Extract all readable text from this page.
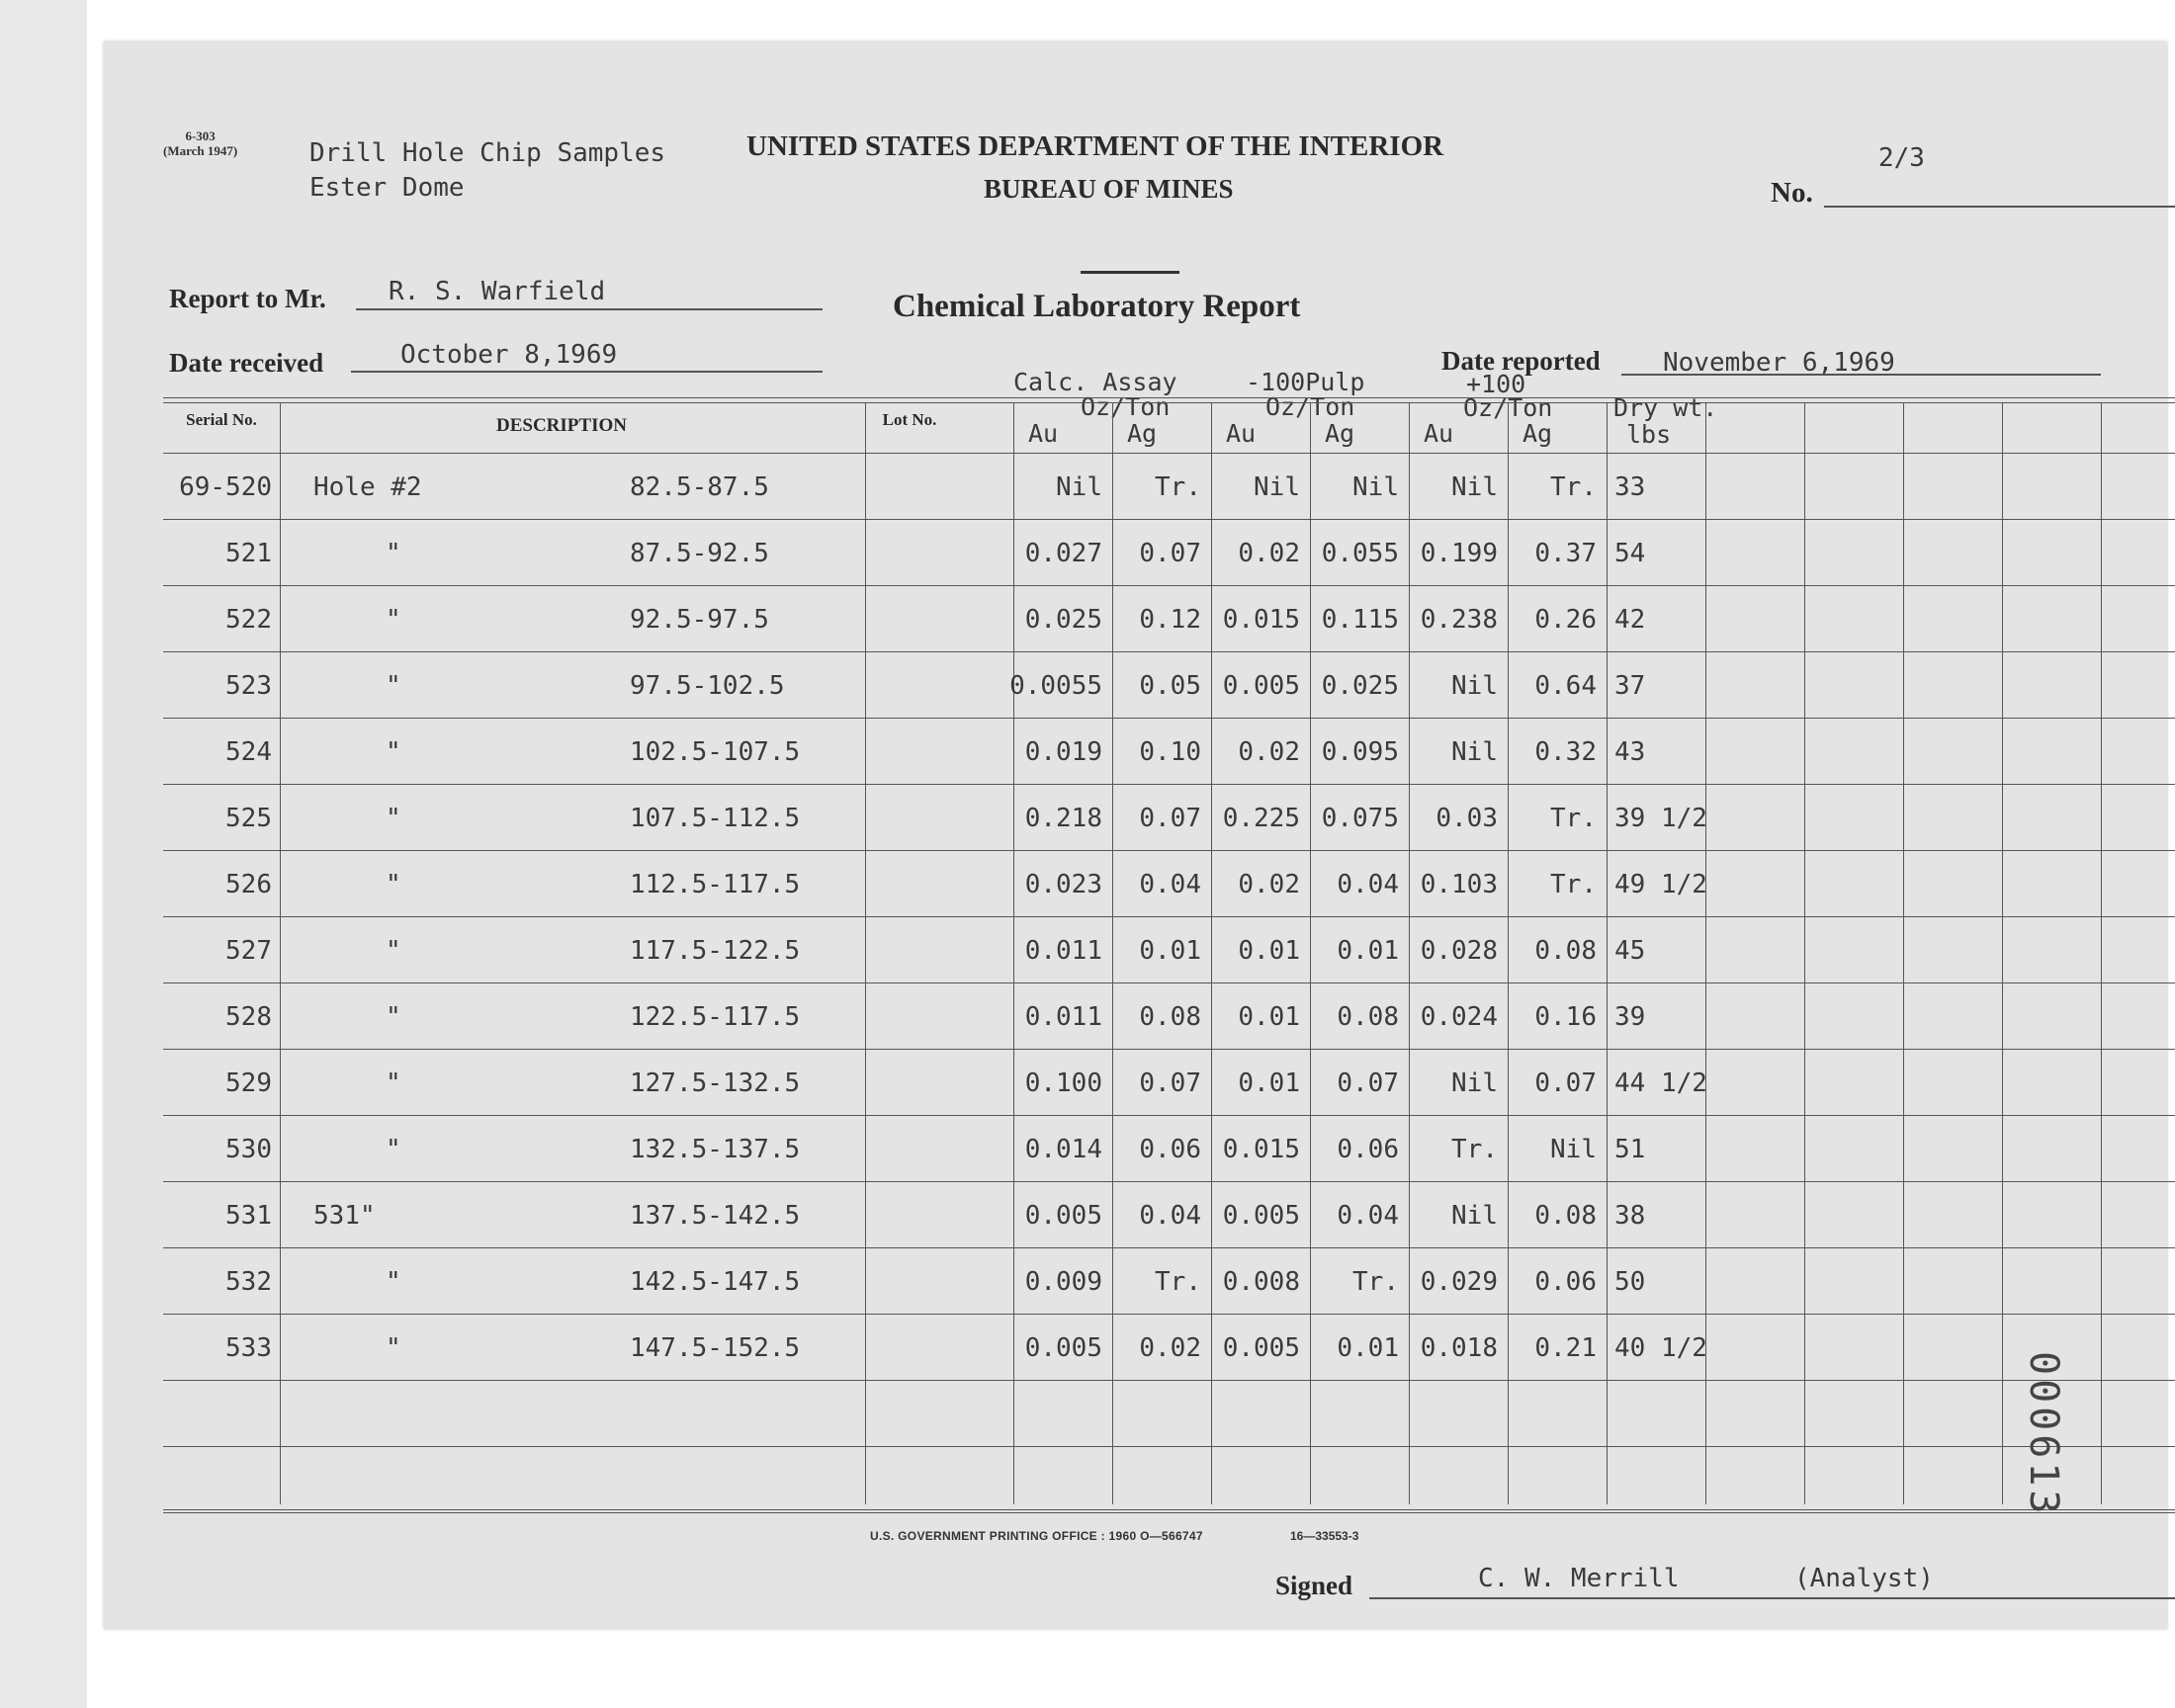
6-303
(March 1947)	Drill Hole Chip Samples
Ester Dome
UNITED STATES DEPARTMENT OF THE INTERIOR
BUREAU OF MINES
2/3
No.
Chemical Laboratory Report
Report to Mr. R. S. Warfield
Date received	October 8,1969	Date reported November 6,1969
Calc. Assay
Oz/Ton
-100Pulp
Oz/Ton
+100
Oz/Ton Dry wt.
lbs
Serial No.	DESCRIPTION	Lot No.	Au	Ag	Au	Ag	Au	Ag
69-520 Hole #2	82.5-87.5	Nil Tr. Nil Nil Nil Tr. 33
521	"	87.5-92.5	0.027 0.07 0.02 0.055 0.199 0.37 54
522	"	92.5-97.5	0.025 0.12 0.015 0.115 0.238 0.26 42
523	"	97.5-102.5	0.0055 0.05 0.005 0.025 Nil 0.64 37
524	"	102.5-107.5	0.019 0.10 0.02 0.095 Nil 0.32 43
525	"	107.5-112.5	0.218 0.07 0.225 0.075 0.03 Tr. 39 1/2
526	"	112.5-117.5	0.023 0.04 0.02 0.04 0.103 Tr. 49 1/2
527	"	117.5-122.5	0.011 0.01 0.01 0.01 0.028 0.08 45
528	"	122.5-117.5	0.011 0.08 0.01 0.08 0.024 0.16 39
529	"	127.5-132.5	0.100 0.07 0.01 0.07 Nil 0.07 44 1/2
530	"	132.5-137.5	0.014 0.06 0.015 0.06 Tr. Nil 51
531 531"	137.5-142.5	0.005 0.04 0.005 0.04 Nil 0.08 38
532	"	142.5-147.5	0.009 Tr. 0.008 Tr. 0.029 0.06 50
533	"	147.5-152.5	0.005 0.02 0.005 0.01 0.018 0.21 40 1/2
U.S. GOVERNMENT PRINTING OFFICE : 1960 O—566747	16—33553-3
Signed	C. W. Merrill	(Analyst)
000613
